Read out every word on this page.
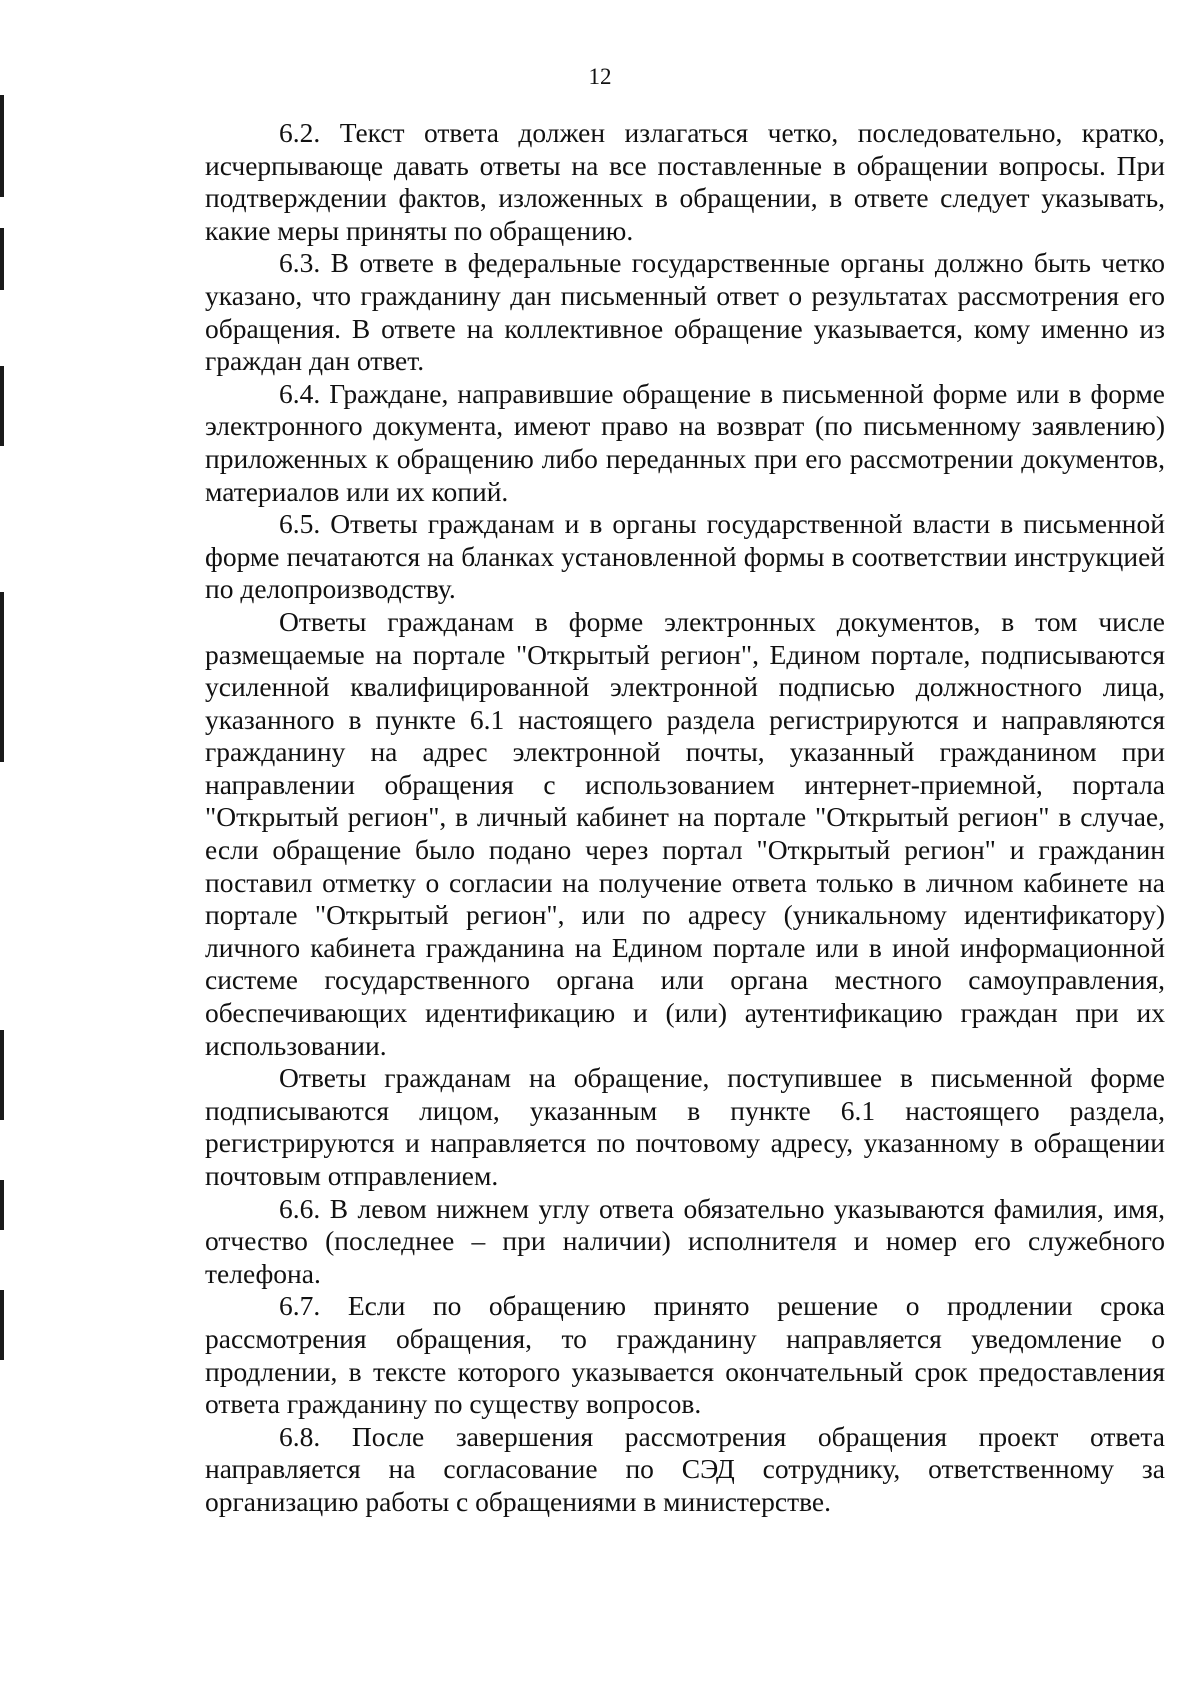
12

6.2. Текст ответа должен излагаться четко, последовательно, кратко, исчерпывающе давать ответы на все поставленные в обращении вопросы. При подтверждении фактов, изложенных в обращении, в ответе следует указывать, какие меры приняты по обращению.

6.3. В ответе в федеральные государственные органы должно быть четко указано, что гражданину дан письменный ответ о результатах рассмотрения его обращения. В ответе на коллективное обращение указывается, кому именно из граждан дан ответ.

6.4. Граждане, направившие обращение в письменной форме или в форме электронного документа, имеют право на возврат (по письменному заявлению) приложенных к обращению либо переданных при его рассмотрении документов, материалов или их копий.

6.5. Ответы гражданам и в органы государственной власти в письменной форме печатаются на бланках установленной формы в соответствии инструкцией по делопроизводству.

Ответы гражданам в форме электронных документов, в том числе размещаемые на портале "Открытый регион", Едином портале, подписываются усиленной квалифицированной электронной подписью должностного лица, указанного в пункте 6.1 настоящего раздела регистрируются и направляются гражданину на адрес электронной почты, указанный гражданином при направлении обращения с использованием интернет-приемной, портала "Открытый регион", в личный кабинет на портале "Открытый регион" в случае, если обращение было подано через портал "Открытый регион" и гражданин поставил отметку о согласии на получение ответа только в личном кабинете на портале "Открытый регион", или по адресу (уникальному идентификатору) личного кабинета гражданина на Едином портале или в иной информационной системе государственного органа или органа местного самоуправления, обеспечивающих идентификацию и (или) аутентификацию граждан при их использовании.

Ответы гражданам на обращение, поступившее в письменной форме подписываются лицом, указанным в пункте 6.1 настоящего раздела, регистрируются и направляется по почтовому адресу, указанному в обращении почтовым отправлением.

6.6. В левом нижнем углу ответа обязательно указываются фамилия, имя, отчество (последнее – при наличии) исполнителя и номер его служебного телефона.

6.7. Если по обращению принято решение о продлении срока рассмотрения обращения, то гражданину направляется уведомление о продлении, в тексте которого указывается окончательный срок предоставления ответа гражданину по существу вопросов.

6.8. После завершения рассмотрения обращения проект ответа направляется на согласование по СЭД сотруднику, ответственному за организацию работы с обращениями в министерстве.
